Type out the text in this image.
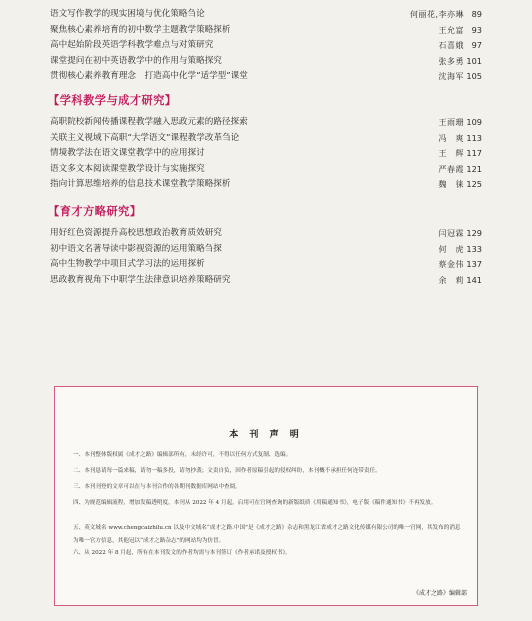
语文写作教学的现实困境与优化策略刍论	何丽花,李亦琳 89
聚焦核心素养培育的初中数学主题教学策略探析	王允富 93
高中起始阶段英语学科教学难点与对策研究	石喜娥 97
课堂提问在初中英语教学中的作用与策略探究	张多勇 101
贯彻核心素养教育理念　打造高中化学“适学型”课堂	沈海军 105
【学科教学与成才研究】
高职院校新闻传播课程教学融入思政元素的路径探索	王雨珊 109
关联主义视域下高职“大学语文”课程教学改革刍论	冯　爽 113
情境教学法在语文课堂教学中的应用探讨	王　辉 117
语文多文本阅读课堂教学设计与实施探究	严春霞 121
指向计算思维培养的信息技术课堂教学策略探析	魏　徕 125
【育才方略研究】
用好红色资源提升高校思想政治教育质效研究	闫冠霖 129
初中语文名著导读中影视资源的运用策略刍探	何　虎 133
高中生物教学中项目式学习法的运用探析	蔡金伟 137
思政教育视角下中职学生法律意识培养策略研究	余　莉 141
本 刊 声 明
一、本刊整体版权属《成才之路》编辑部所有，未经许可，不得以任何方式复制、选编。
二、本刊恳请每一篇来稿，请勿一稿多投，请勿抄袭；文责自负，因作者原稿引起的侵权纠纷，本刊概不承担任何连带责任。
三、本刊刊登的文章可以在与本刊合作的各期刊数据库网站中查阅。
四、为规范编辑流程，增加发稿透明度，本刊从 2022 年 4 月起，启用可在官网查询的新版纸质《用稿通知书》，电子版《稿件通知书》不再发放。
五、英文域名 www.chengcaizhilu.cn 以及中文域名“成才之路.中国”是《成才之路》杂志和黑龙江省成才之路文化传媒有限公司的唯一官网，其发布的消息为唯一官方信息，其他冠以“成才之路杂志”的网站均为仿冒。
六、从 2022 年 8 月起，所有在本刊发文的作者均需与本刊签订《作者承诺及授权书》。
《成才之路》编辑部
